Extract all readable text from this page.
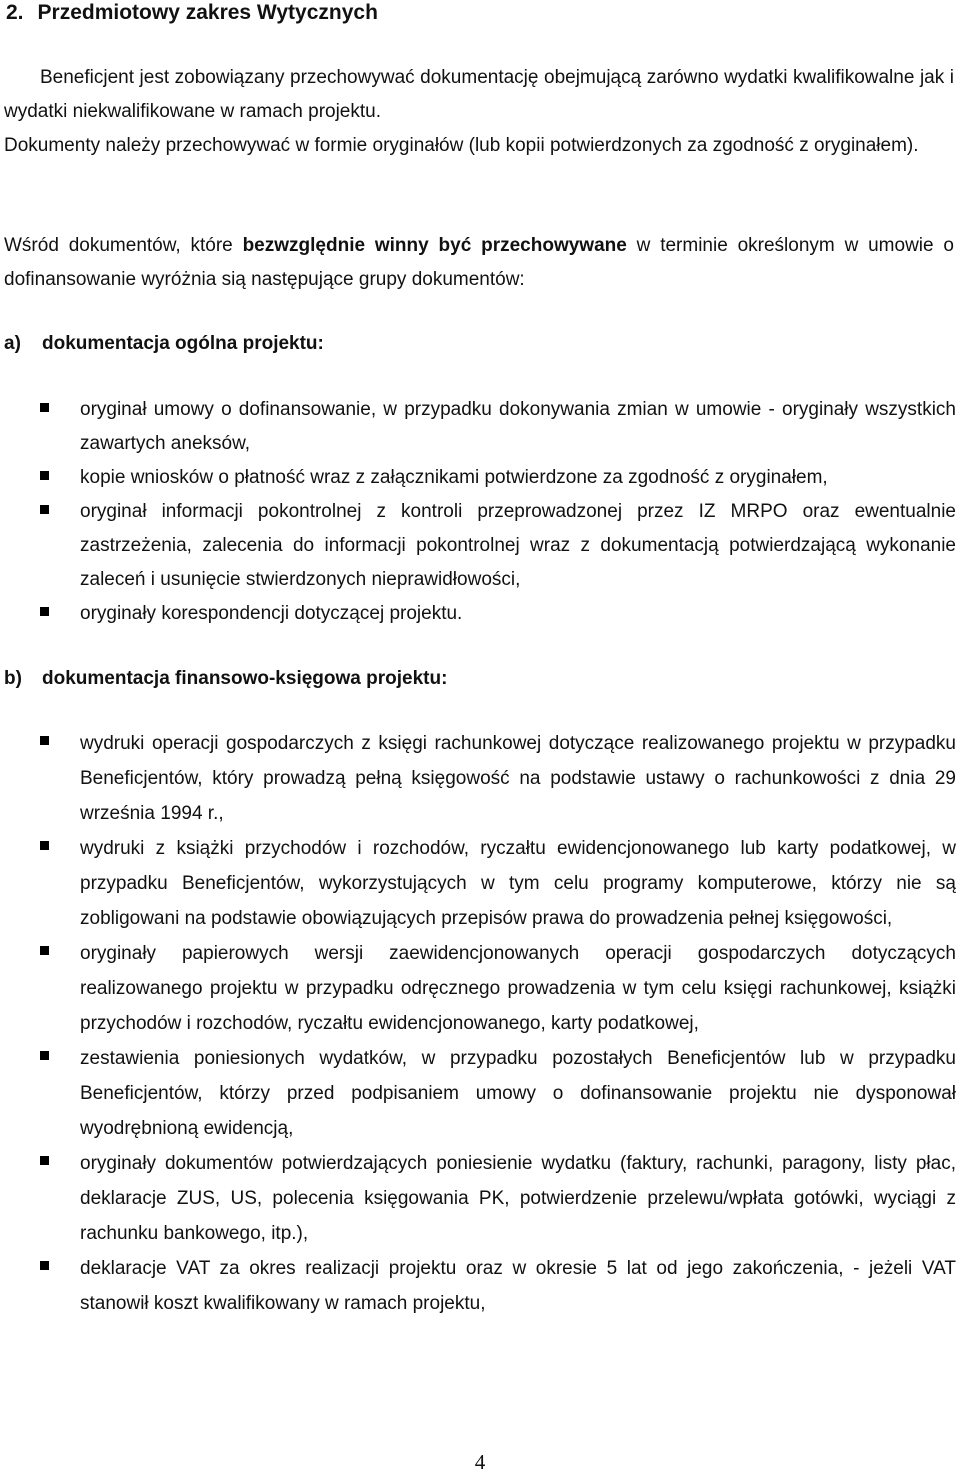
2. Przedmiotowy zakres Wytycznych

Beneficjent jest zobowiązany przechowywać dokumentację obejmującą zarówno wydatki kwalifikowalne jak i wydatki niekwalifikowane w ramach projektu.

Dokumenty należy przechowywać w formie oryginałów (lub kopii potwierdzonych za zgodność z oryginałem).

Wśród dokumentów, które bezwzględnie winny być przechowywane w terminie określonym w umowie o dofinansowanie wyróżnia sią następujące grupy dokumentów:

a) dokumentacja ogólna projektu:
oryginał umowy o dofinansowanie, w przypadku dokonywania zmian w umowie - oryginały wszystkich zawartych aneksów,
kopie wniosków o płatność wraz z załącznikami potwierdzone za zgodność z oryginałem,
oryginał informacji pokontrolnej z kontroli przeprowadzonej przez IZ MRPO oraz ewentualnie zastrzeżenia, zalecenia do informacji pokontrolnej wraz z dokumentacją potwierdzającą wykonanie zaleceń i usunięcie stwierdzonych nieprawidłowości,
oryginały korespondencji dotyczącej projektu.
b) dokumentacja finansowo-księgowa projektu:
wydruki operacji gospodarczych z księgi rachunkowej dotyczące realizowanego projektu w przypadku Beneficjentów, który prowadzą pełną księgowość na podstawie ustawy o rachunkowości z dnia 29 września 1994 r.,
wydruki z książki przychodów i rozchodów, ryczałtu ewidencjonowanego lub karty podatkowej, w przypadku Beneficjentów, wykorzystujących w tym celu programy komputerowe, którzy nie są zobligowani na podstawie obowiązujących przepisów prawa do prowadzenia pełnej księgowości,
oryginały papierowych wersji zaewidencjonowanych operacji gospodarczych dotyczących realizowanego projektu w przypadku odręcznego prowadzenia w tym celu księgi rachunkowej, książki przychodów i rozchodów, ryczałtu ewidencjonowanego, karty podatkowej,
zestawienia poniesionych wydatków, w przypadku pozostałych Beneficjentów lub w przypadku Beneficjentów, którzy przed podpisaniem umowy o dofinansowanie projektu nie dysponował wyodrębnioną ewidencją,
oryginały dokumentów potwierdzających poniesienie wydatku (faktury, rachunki, paragony, listy płac, deklaracje ZUS, US, polecenia księgowania PK, potwierdzenie przelewu/wpłata gotówki, wyciągi z rachunku bankowego, itp.),
deklaracje VAT za okres realizacji projektu oraz w okresie 5 lat od jego zakończenia, - jeżeli VAT stanowił koszt kwalifikowany w ramach projektu,
4
